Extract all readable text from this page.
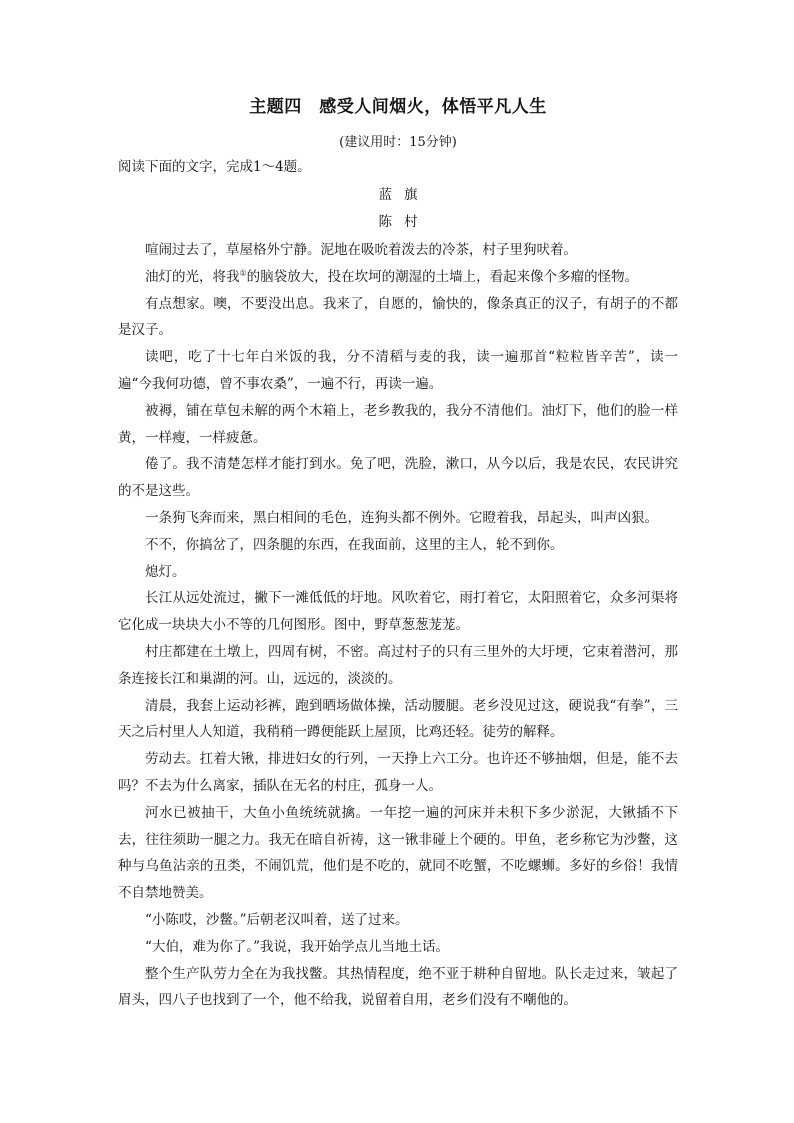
主题四　感受人间烟火，体悟平凡人生
(建议用时：15分钟)
阅读下面的文字，完成1～4题。
蓝旗
陈村

喧闹过去了，草屋格外宁静。泥地在吸吮着泼去的冷茶，村子里狗吠着。

油灯的光，将我①的脑袋放大，投在坎坷的潮湿的土墙上，看起来像个多瘤的怪物。

有点想家。噢，不要没出息。我来了，自愿的，愉快的，像条真正的汉子，有胡子的不都是汉子。

读吧，吃了十七年白米饭的我，分不清稻与麦的我，读一遍那首“粒粒皆辛苦”，读一遍“今我何功德，曾不事农桑”，一遍不行，再读一遍。

被褥，铺在草包未解的两个木箱上，老乡教我的，我分不清他们。油灯下，他们的脸一样黄，一样瘦，一样疲惫。

倦了。我不清楚怎样才能打到水。免了吧，洗脸，漱口，从今以后，我是农民，农民讲究的不是这些。

一条狗飞奔而来，黑白相间的毛色，连狗头都不例外。它瞪着我，昂起头，叫声凶狠。

不不，你搞岔了，四条腿的东西，在我面前，这里的主人，轮不到你。

熄灯。

长江从远处流过，撇下一滩低低的圩地。风吹着它，雨打着它，太阳照着它，众多河渠将它化成一块块大小不等的几何图形。图中，野草葱葱茏茏。

村庄都建在土墩上，四周有树，不密。高过村子的只有三里外的大圩埂，它束着潜河，那条连接长江和巢湖的河。山，远远的，淡淡的。

清晨，我套上运动衫裤，跑到晒场做体操，活动腰腿。老乡没见过这，硬说我“有拳”，三天之后村里人人知道，我稍稍一蹲便能跃上屋顶，比鸡还轻。徒劳的解释。

劳动去。扛着大锹，排进妇女的行列，一天挣上六工分。也许还不够抽烟，但是，能不去吗？不去为什么离家，插队在无名的村庄，孤身一人。

河水已被抽干，大鱼小鱼统统就擒。一年挖一遍的河床并未积下多少淤泥，大锹插不下去，往往须助一腿之力。我无在暗自祈祷，这一锹非碰上个硬的。甲鱼，老乡称它为沙鳖，这种与乌鱼沾亲的丑类，不闹饥荒，他们是不吃的，就同不吃蟹，不吃螺蛳。多好的乡俗！我情不自禁地赞美。

“小陈哎，沙鳖。”后朝老汉叫着，送了过来。

“大伯，难为你了。”我说，我开始学点儿当地土话。

整个生产队劳力全在为我找鳖。其热情程度，绝不亚于耕种自留地。队长走过来，皱起了眉头，四八子也找到了一个，他不给我，说留着自用，老乡们没有不嘲他的。
